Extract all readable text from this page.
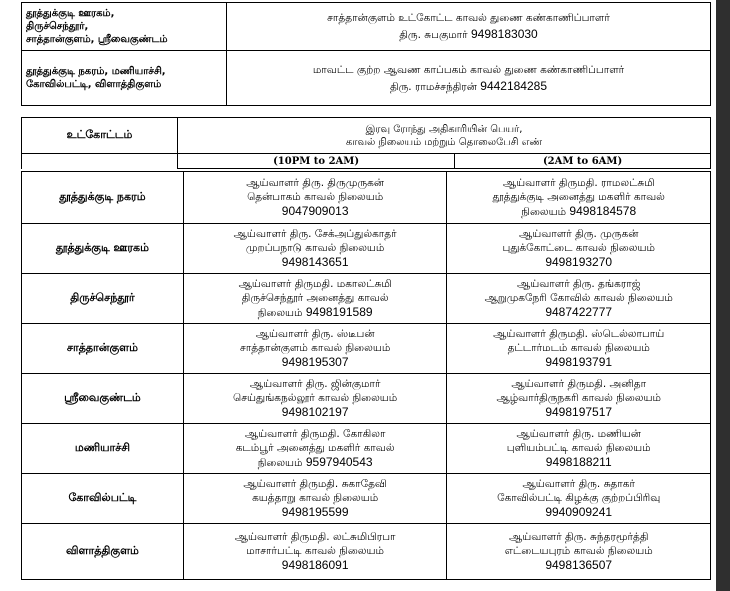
தூத்துக்குடி ஊரகம்,
திருச்செந்தூர்,
சாத்தான்குளம், ஸ்ரீவைகுண்டம்	சாத்தான்குளம் உட்கோட்ட காவல் துணை கண்காணிப்பாளர்
திரு. சுபகுமார் 9498183030

தூத்துக்குடி நகரம், மணியாச்சி,
கோவில்பட்டி, விளாத்திகுளம்	மாவட்ட குற்ற ஆவண காப்பகம் காவல் துணை கண்காணிப்பாளர்
திரு. ராமச்சந்திரன் 9442184285
உட்கோட்டம்	இரவு ரோந்து அதிகாரியின் பெயர்,
காவல் நிலையம் மற்றும் தொலைபேசி எண்	

	(10PM to 2AM)	(2AM to 6AM)
தூத்துக்குடி நகரம்	ஆய்வாளர் திரு. திருமுருகன்
தென்பாகம் காவல் நிலையம்
9047909013	ஆய்வாளர் திருமதி. ராமலட்சுமி
தூத்துக்குடி அனைத்து மகளிர் காவல்
நிலையம் 9498184578

தூத்துக்குடி ஊரகம்	ஆய்வாளர் திரு. சேக்அப்துல்காதர்
முறப்பநாடு காவல் நிலையம்
9498143651	ஆய்வாளர் திரு. முருகன்
புதுக்கோட்டை காவல் நிலையம்
9498193270

திருச்செந்தூர்	ஆய்வாளர் திருமதி. மகாலட்சுமி
திருச்செந்தூர் அனைத்து காவல்
நிலையம் 9498191589	ஆய்வாளர் திரு. தங்கராஜ்
ஆறுமுகநேரி கோவில் காவல் நிலையம்
9487422777

சாத்தான்குளம்	ஆய்வாளர் திரு. ஸ்டீபன்
சாத்தான்குளம் காவல் நிலையம்
9498195307	ஆய்வாளர் திருமதி. ஸ்டெல்லாபாய்
தட்டார்மடம் காவல் நிலையம்
9498193791

ஸ்ரீவைகுண்டம்	ஆய்வாளர் திரு. ஜின்குமார்
செய்துங்கநல்லூர் காவல் நிலையம்
9498102197	ஆய்வாளர் திருமதி. அனிதா
ஆழ்வார்திருநகரி காவல் நிலையம்
9498197517

மணியாச்சி	ஆய்வாளர் திருமதி. கோகிலா
கடம்பூர் அனைத்து மகளிர் காவல்
நிலையம் 9597940543	ஆய்வாளர் திரு. மணியன்
புளியம்பட்டி காவல் நிலையம்
9498188211

கோவில்பட்டி	ஆய்வாளர் திருமதி. சுகாதேவி
கயத்தாறு காவல் நிலையம்
9498195599	ஆய்வாளர் திரு. சுதாகர்
கோவில்பட்டி கிழக்கு குற்றப்பிரிவு
9940909241

விளாத்திகுளம்	ஆய்வாளர் திருமதி. லட்சுமிபிரபா
மாசார்பட்டி காவல் நிலையம்
9498186091	ஆய்வாளர் திரு. சுந்தரமூர்த்தி
எட்டையபுரம் காவல் நிலையம்
9498136507
